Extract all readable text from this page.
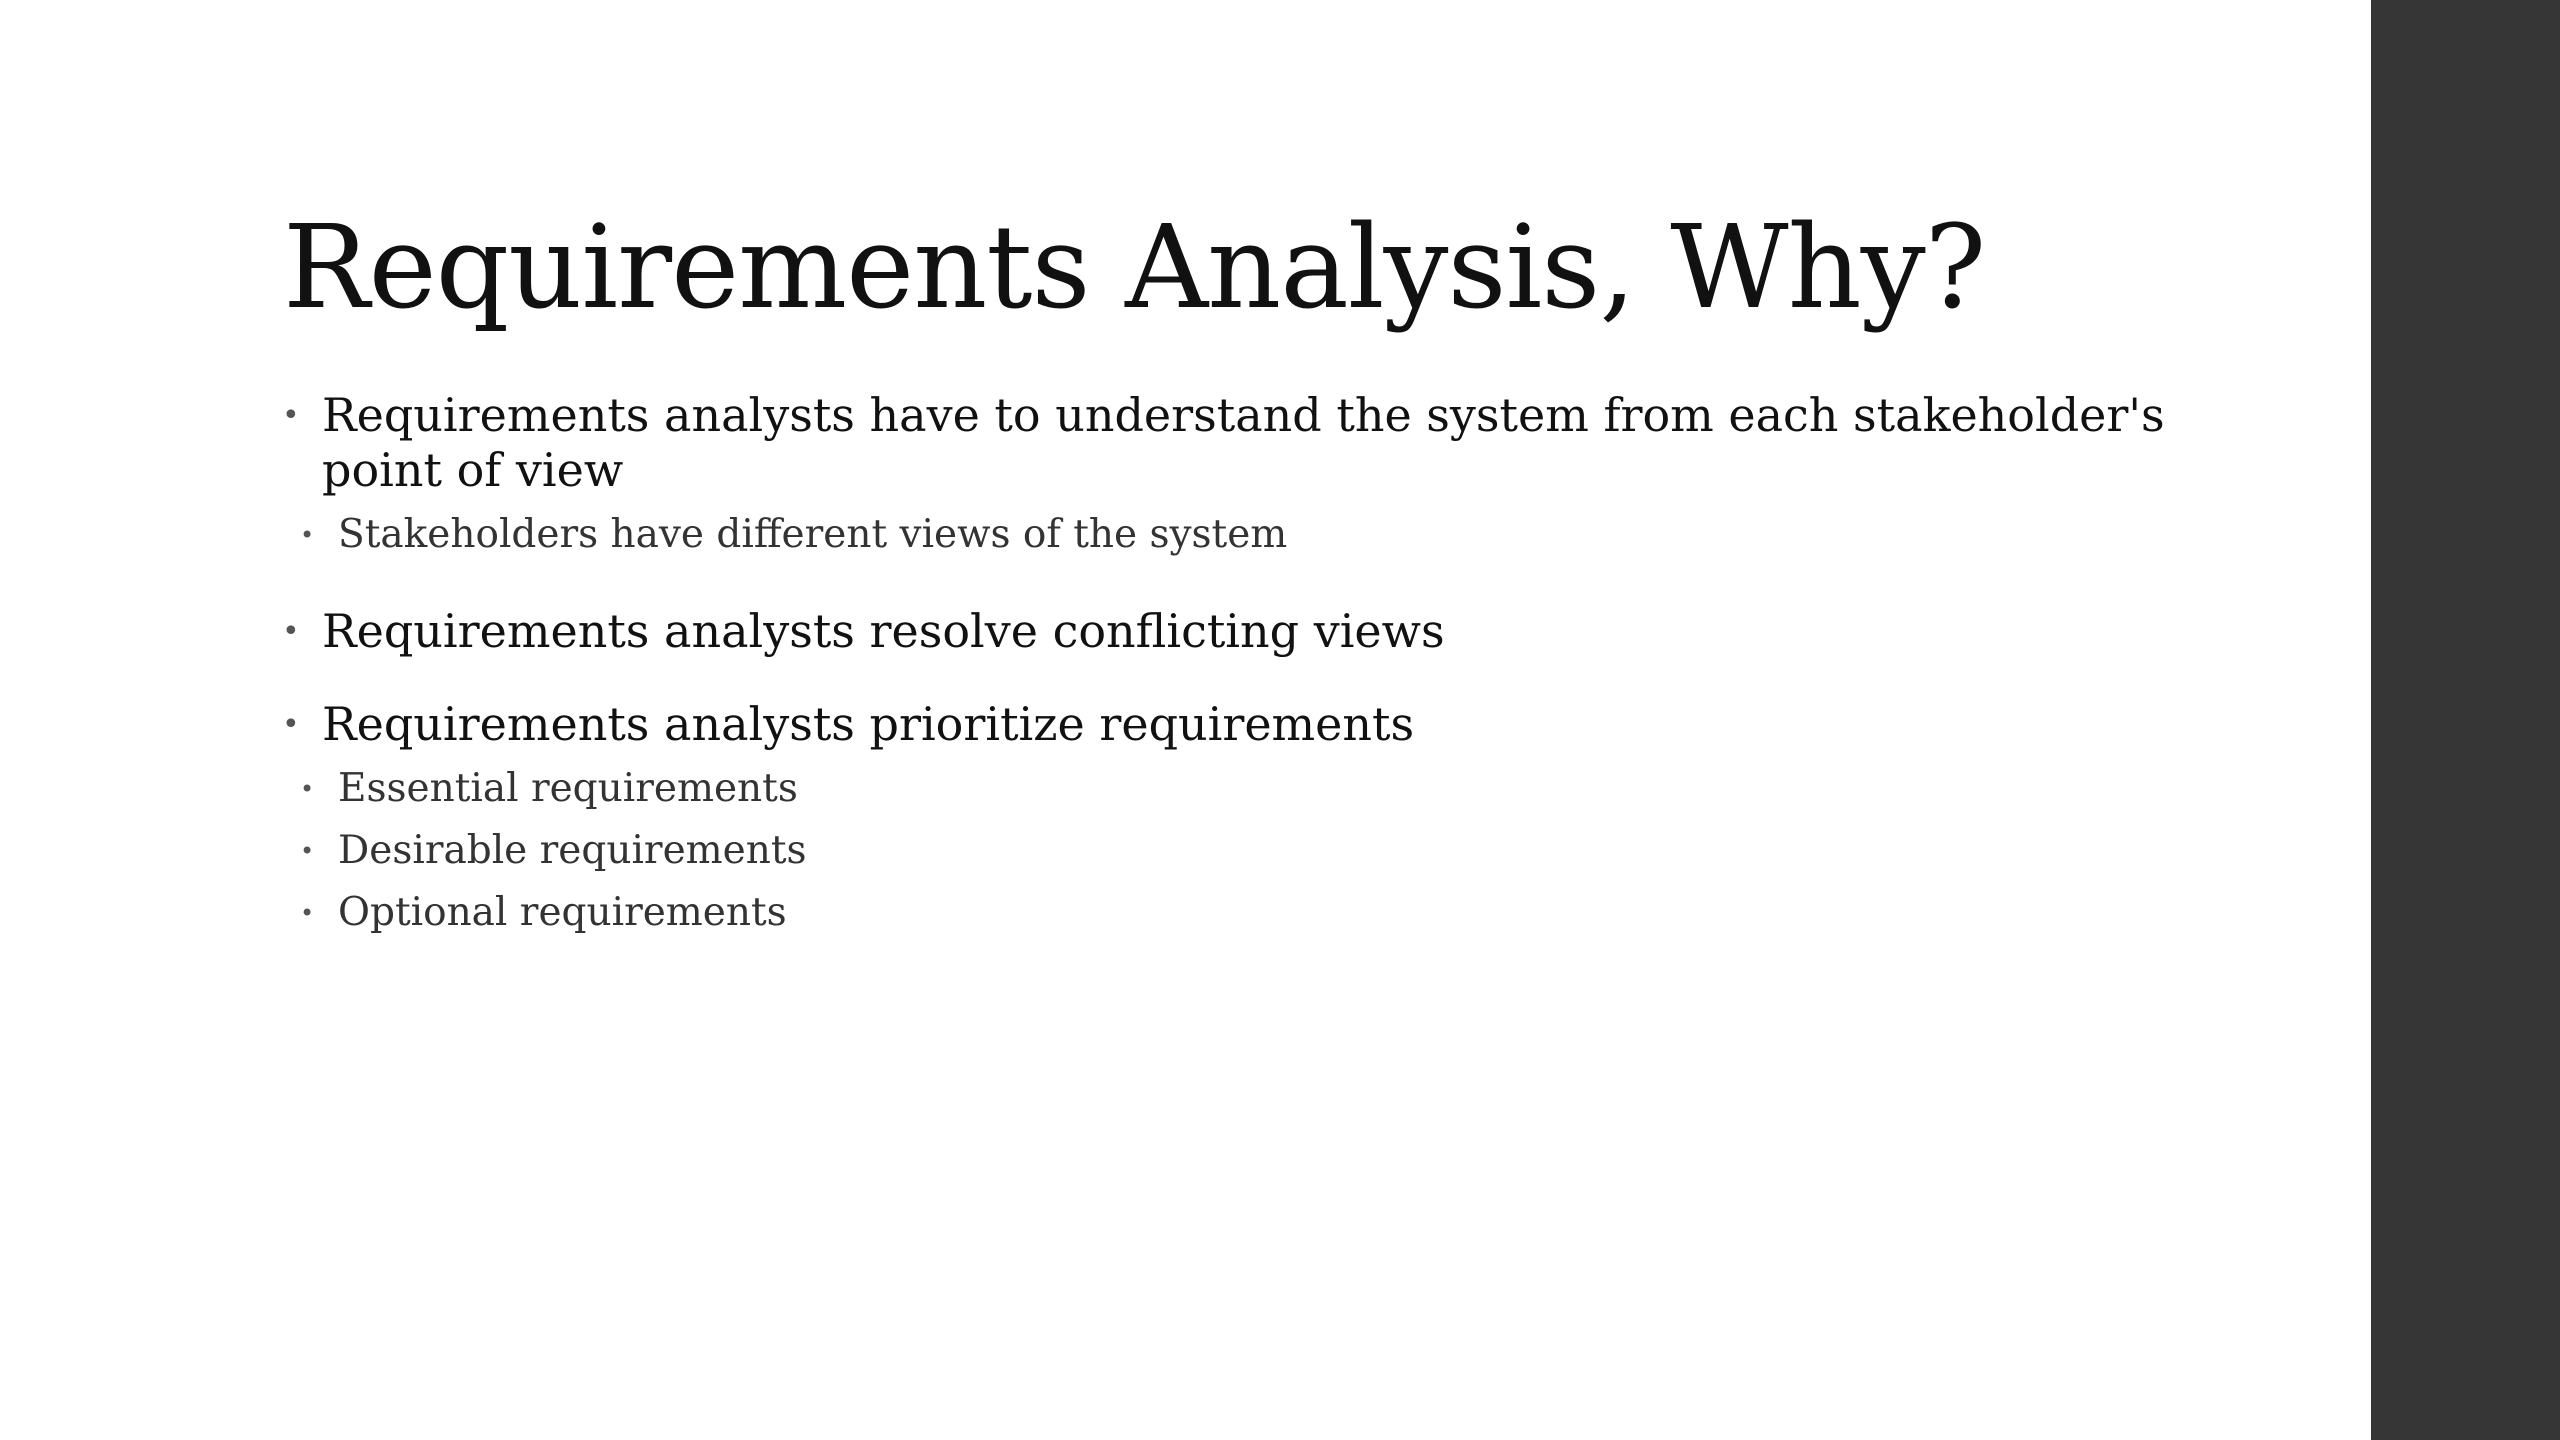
Requirements Analysis, Why?
• Requirements analysts have to understand the system from each stakeholder's point of view
• Stakeholders have different views of the system
• Requirements analysts resolve conflicting views
• Requirements analysts prioritize requirements
• Essential requirements
• Desirable requirements
• Optional requirements
